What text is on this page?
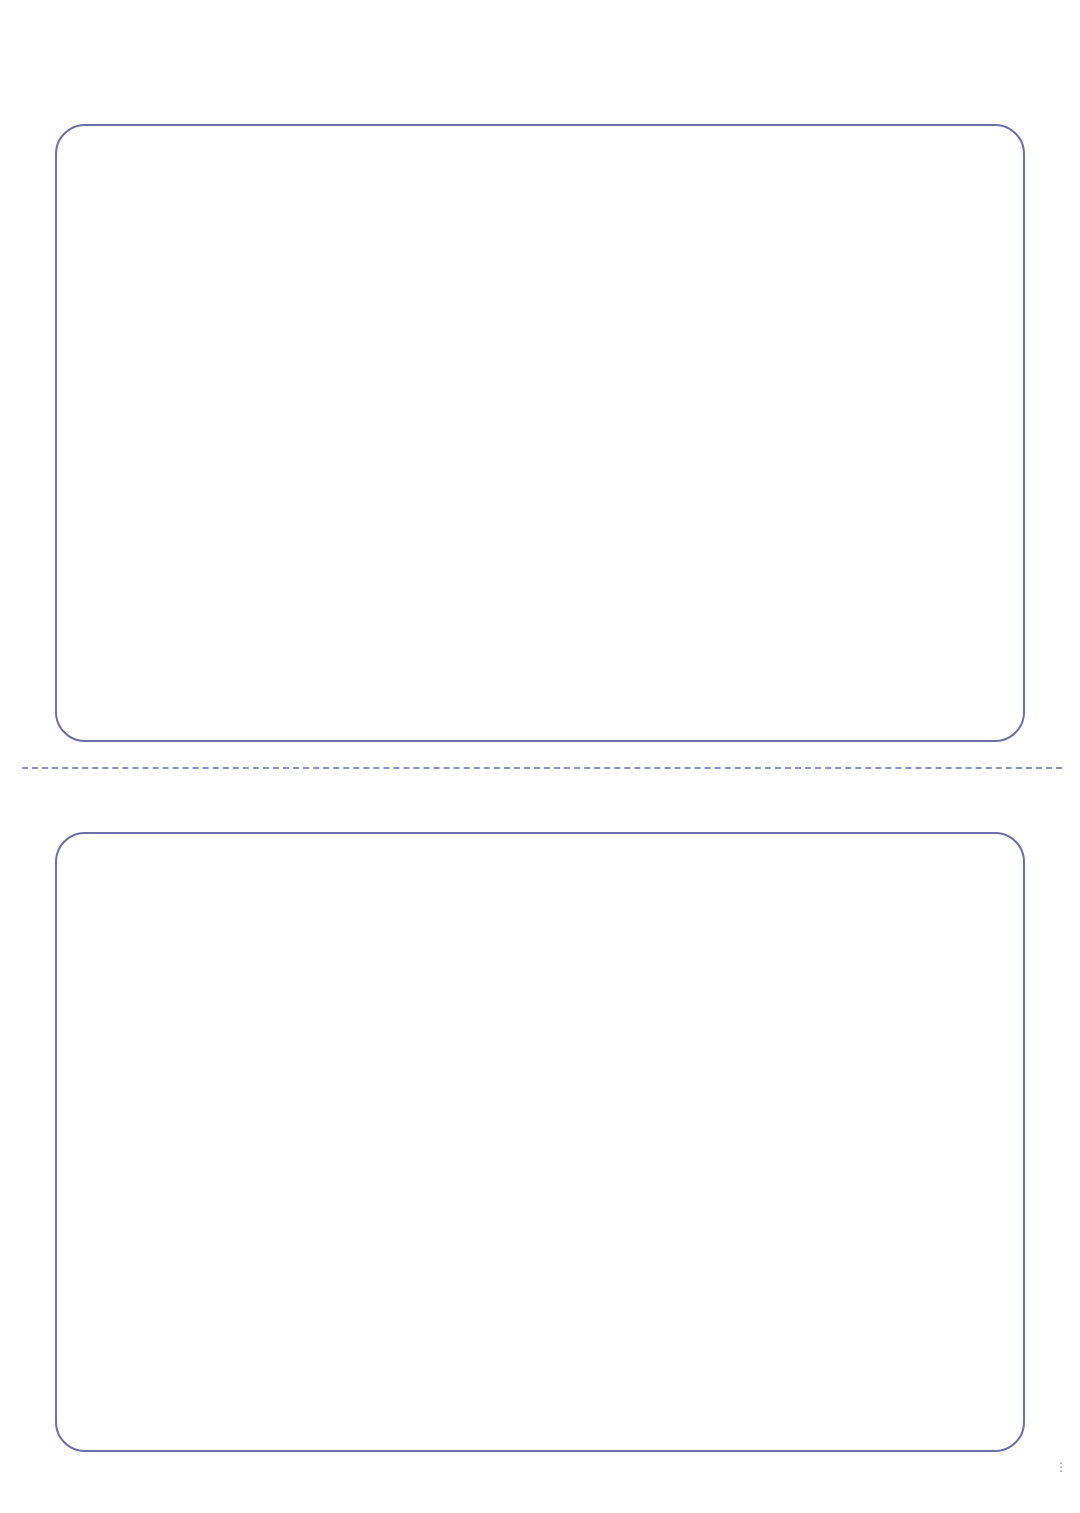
⋮
